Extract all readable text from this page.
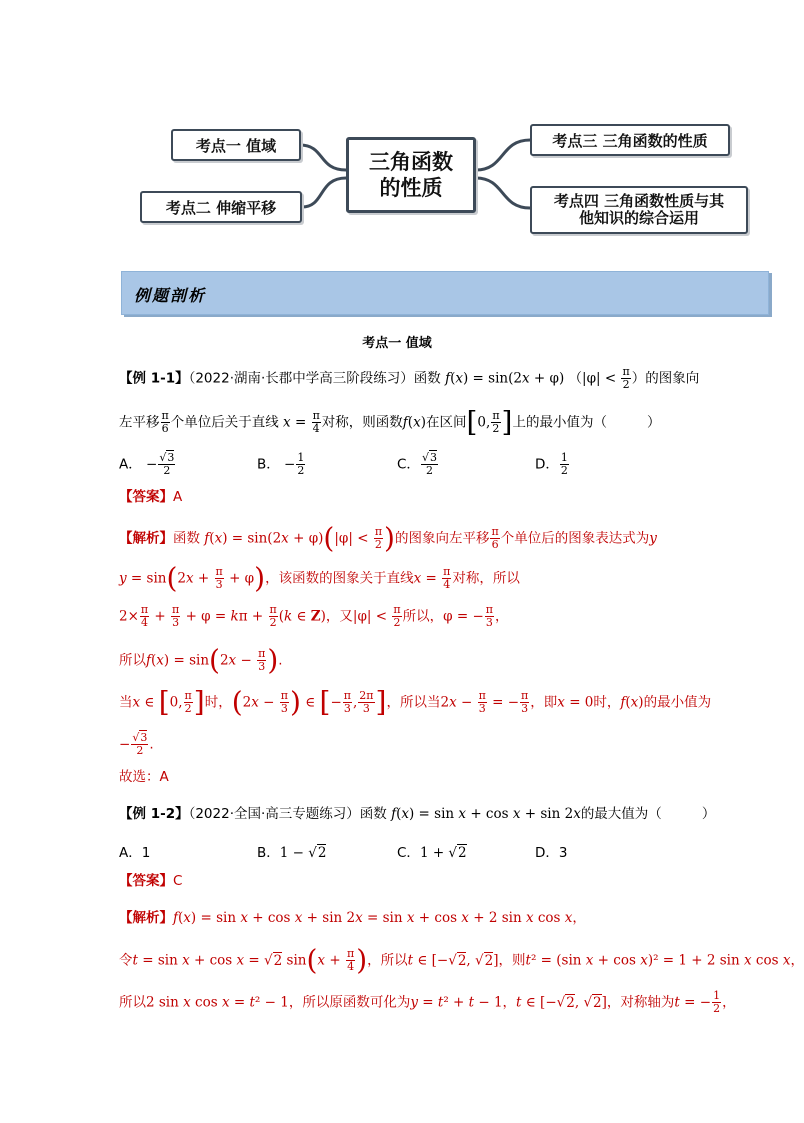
考点一 值域
考点二 伸缩平移
三角函数
的性质
考点三 三角函数的性质
考点四 三角函数性质与其
他知识的综合运用
例题剖析
考点一 值域
【例 1-1】（2022·湖南·长郡中学高三阶段练习）函数 f(x) = sin(2x + φ) （$|\varphi| < \frac{\pi}{2}$ ）的图象向
左平移 $\frac{\pi}{6}$ 个单位后关于直线 $x = \frac{\pi}{4}$ 对称，则函数f(x)在区间[0, $\frac{\pi}{2}$ ]上的最小值为（	）
A． − $\frac{√3}{2}$	B． − $\frac{1}{2}$	C． $\frac{√3}{2}$	D． $\frac{1}{2}$
【答案】A
【解析】函数 $f(x) = \sin(2x + \varphi)(|\varphi| < \frac{\pi}{2}$ )的图象向左平移 $\frac{\pi}{6}$ 个单位后的图象表达式为y
$y = \sin(2x + \frac{\pi}{3} + \varphi)$，该函数的图象关于直线$x = \frac{\pi}{4}$ 对称，所以
$2\times \frac{\pi}{4} + \frac{\pi}{3} + \varphi = k\pi + \frac{\pi}{2} (k$ ∈ Z)，又$|\varphi| < \frac{\pi}{2}$ 所以，φ = − $\frac{\pi}{3}$ ，
所以$f(x) = \sin(2x - \frac{\pi}{3}$ ).
当x ∈ [0, $\frac{\pi}{2}$ ]时，($2x - \frac{\pi}{3}$ ) ∈ [− $\frac{\pi}{3}$ , $\frac{2\pi}{3}$ ]，所以当$2x - \frac{\pi}{3}$ = − $\frac{\pi}{3}$ ，即x = 0时，f(x)的最小值为
− $\frac{√3}{2}$ .
故选：A
【例 1-2】（2022·全国·高三专题练习）函数 f(x) = sin x + cos x + sin 2x的最大值为（	）
A．1	B．1 − √2	C．1 + √2	D．3
【答案】C
【解析】f(x) = sin x + cos x + sin 2x = sin x + cos x + 2 sin x cos x，
令t = sin x + cos x = √2 $\sin(x + \frac{\pi}{4}$ )，所以t ∈ [−√2, √2]，则t² = (sin x + cos x)² = 1 + 2 sin x cos x，
所以2 sin x cos x = t² − 1，所以原函数可化为y = t² + t − 1，t ∈ [−√2, √2]，对称轴为t = − $\frac{1}{2}$ ，
